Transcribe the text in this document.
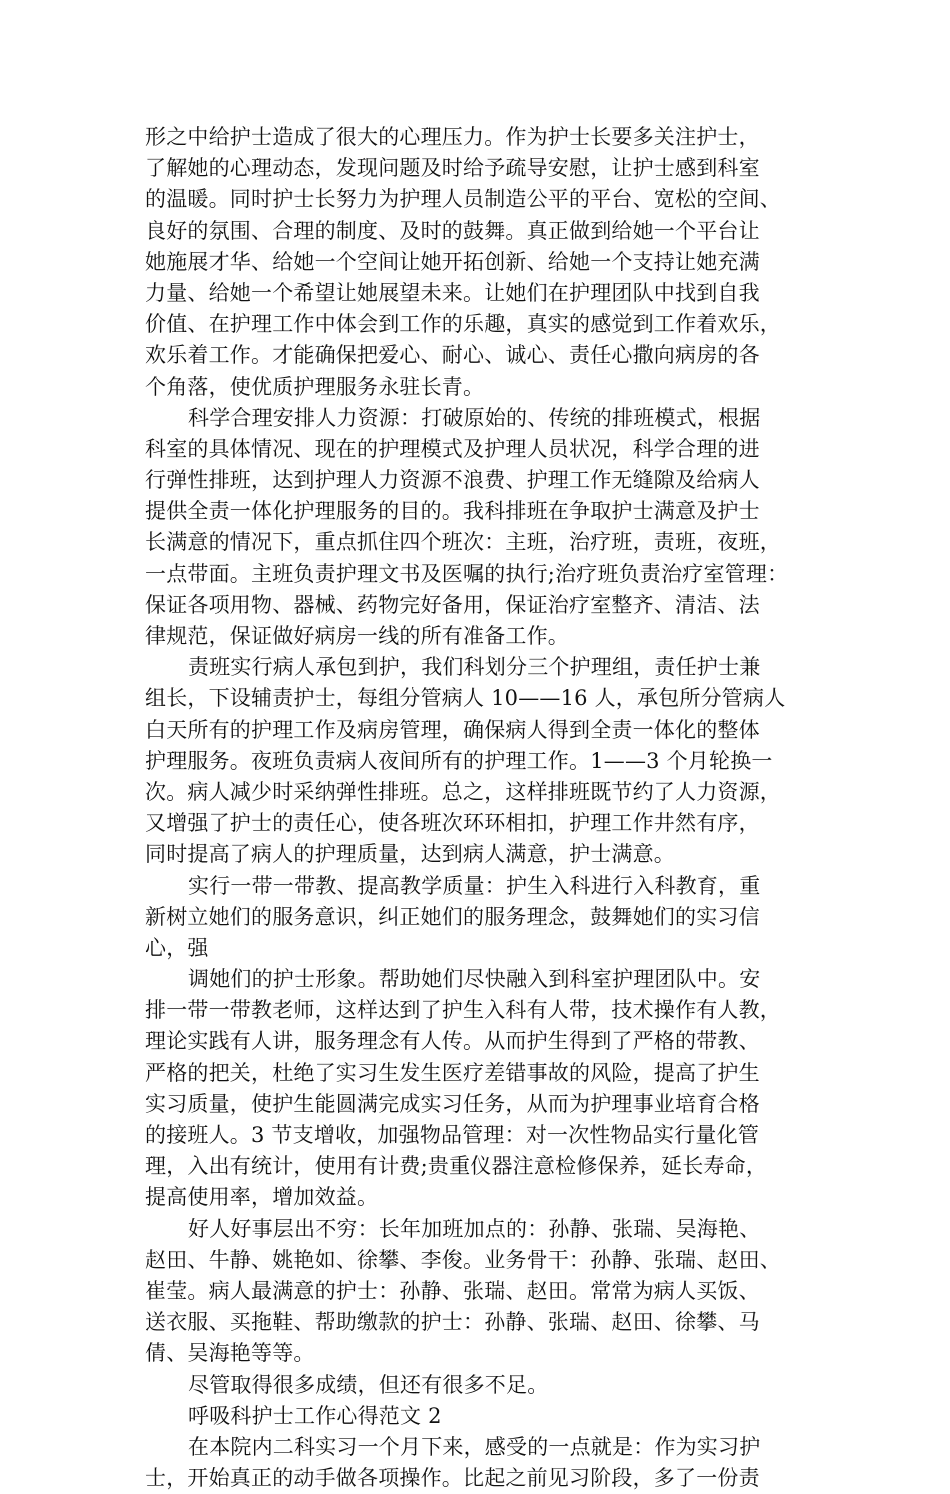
形之中给护士造成了很大的心理压力。作为护士长要多关注护士，
了解她的心理动态，发现问题及时给予疏导安慰，让护士感到科室
的温暖。同时护士长努力为护理人员制造公平的平台、宽松的空间、
良好的氛围、合理的制度、及时的鼓舞。真正做到给她一个平台让
她施展才华、给她一个空间让她开拓创新、给她一个支持让她充满
力量、给她一个希望让她展望未来。让她们在护理团队中找到自我
价值、在护理工作中体会到工作的乐趣，真实的感觉到工作着欢乐，
欢乐着工作。才能确保把爱心、耐心、诚心、责任心撒向病房的各
个角落，使优质护理服务永驻长青。
科学合理安排人力资源：打破原始的、传统的排班模式，根据
科室的具体情况、现在的护理模式及护理人员状况，科学合理的进
行弹性排班，达到护理人力资源不浪费、护理工作无缝隙及给病人
提供全责一体化护理服务的目的。我科排班在争取护士满意及护士
长满意的情况下，重点抓住四个班次：主班，治疗班，责班，夜班，
一点带面。主班负责护理文书及医嘱的执行;治疗班负责治疗室管理：
保证各项用物、器械、药物完好备用，保证治疗室整齐、清洁、法
律规范，保证做好病房一线的所有准备工作。
责班实行病人承包到护，我们科划分三个护理组，责任护士兼
组长，下设辅责护士，每组分管病人 10——16 人，承包所分管病人
白天所有的护理工作及病房管理，确保病人得到全责一体化的整体
护理服务。夜班负责病人夜间所有的护理工作。1——3 个月轮换一
次。病人减少时采纳弹性排班。总之，这样排班既节约了人力资源，
又增强了护士的责任心，使各班次环环相扣，护理工作井然有序，
同时提高了病人的护理质量，达到病人满意，护士满意。
实行一带一带教、提高教学质量：护生入科进行入科教育，重
新树立她们的服务意识，纠正她们的服务理念，鼓舞她们的实习信
心，强
调她们的护士形象。帮助她们尽快融入到科室护理团队中。安
排一带一带教老师，这样达到了护生入科有人带，技术操作有人教，
理论实践有人讲，服务理念有人传。从而护生得到了严格的带教、
严格的把关，杜绝了实习生发生医疗差错事故的风险，提高了护生
实习质量，使护生能圆满完成实习任务，从而为护理事业培育合格
的接班人。3 节支增收，加强物品管理：对一次性物品实行量化管
理，入出有统计，使用有计费;贵重仪器注意检修保养，延长寿命，
提高使用率，增加效益。
好人好事层出不穷：长年加班加点的：孙静、张瑞、吴海艳、
赵田、牛静、姚艳如、徐攀、李俊。业务骨干：孙静、张瑞、赵田、
崔莹。病人最满意的护士：孙静、张瑞、赵田。常常为病人买饭、
送衣服、买拖鞋、帮助缴款的护士：孙静、张瑞、赵田、徐攀、马
倩、吴海艳等等。
尽管取得很多成绩，但还有很多不足。
呼吸科护士工作心得范文 2
在本院内二科实习一个月下来，感受的一点就是：作为实习护
士，开始真正的动手做各项操作。比起之前见习阶段，多了一份责
